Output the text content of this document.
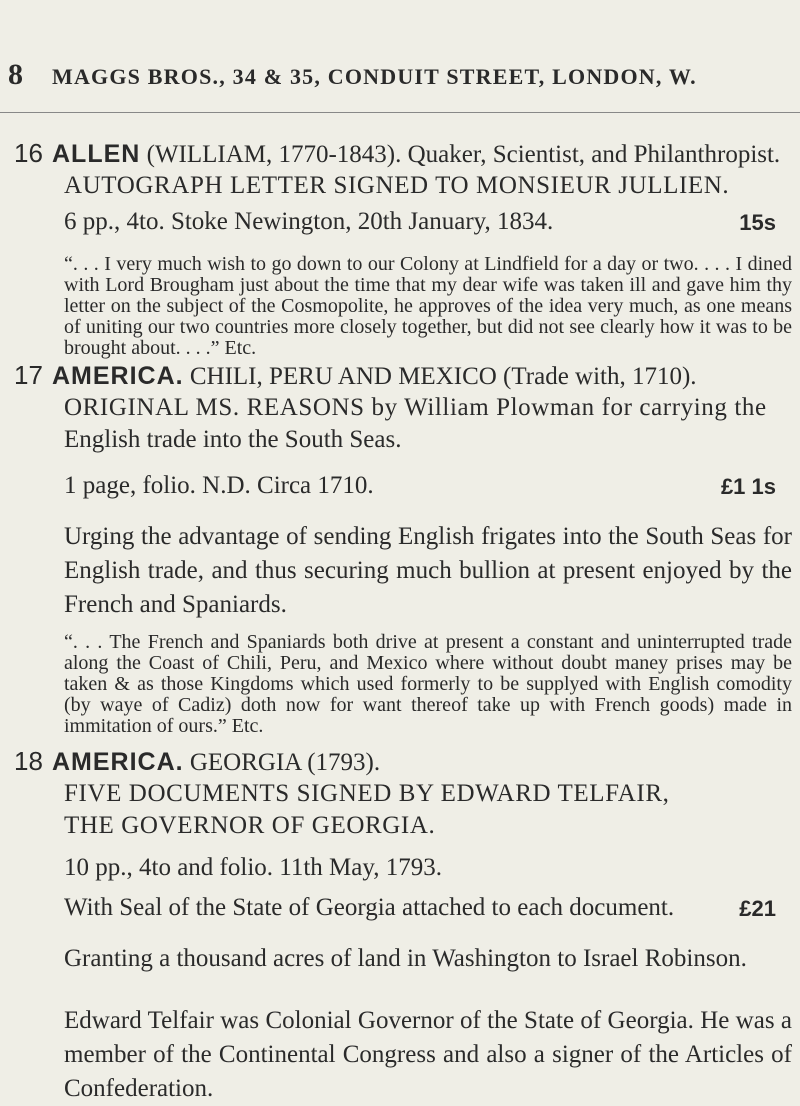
8 MAGGS BROS., 34 & 35, CONDUIT STREET, LONDON, W.
16 ALLEN (WILLIAM, 1770-1843). Quaker, Scientist, and Philanthropist.
AUTOGRAPH LETTER SIGNED TO MONSIEUR JULLIEN.
6 pp., 4to. Stoke Newington, 20th January, 1834.	15s
“. . . I very much wish to go down to our Colony at Lindfield for a day or two. . . . I dined with Lord Brougham just about the time that my dear wife was taken ill and gave him thy letter on the subject of the Cosmopolite, he approves of the idea very much, as one means of uniting our two countries more closely together, but did not see clearly how it was to be brought about. . . .” Etc.
17 AMERICA. CHILI, PERU AND MEXICO (Trade with, 1710).
ORIGINAL MS. REASONS by William Plowman for carrying the
English trade into the South Seas.
1 page, folio. N.D. Circa 1710.	£1 1s
Urging the advantage of sending English frigates into the South Seas for English trade, and thus securing much bullion at present enjoyed by the French and Spaniards.
“. . . The French and Spaniards both drive at present a constant and uninterrupted trade along the Coast of Chili, Peru, and Mexico where without doubt maney prises may be taken & as those Kingdoms which used formerly to be supplyed with English comodity (by waye of Cadiz) doth now for want thereof take up with French goods) made in immitation of ours.” Etc.
18 AMERICA. GEORGIA (1793).
FIVE DOCUMENTS SIGNED BY EDWARD TELFAIR,
THE GOVERNOR OF GEORGIA.
10 pp., 4to and folio. 11th May, 1793.
With Seal of the State of Georgia attached to each document.	£21
Granting a thousand acres of land in Washington to Israel Robinson.
Edward Telfair was Colonial Governor of the State of Georgia. He was a member of the Continental Congress and also a signer of the Articles of Confederation.
